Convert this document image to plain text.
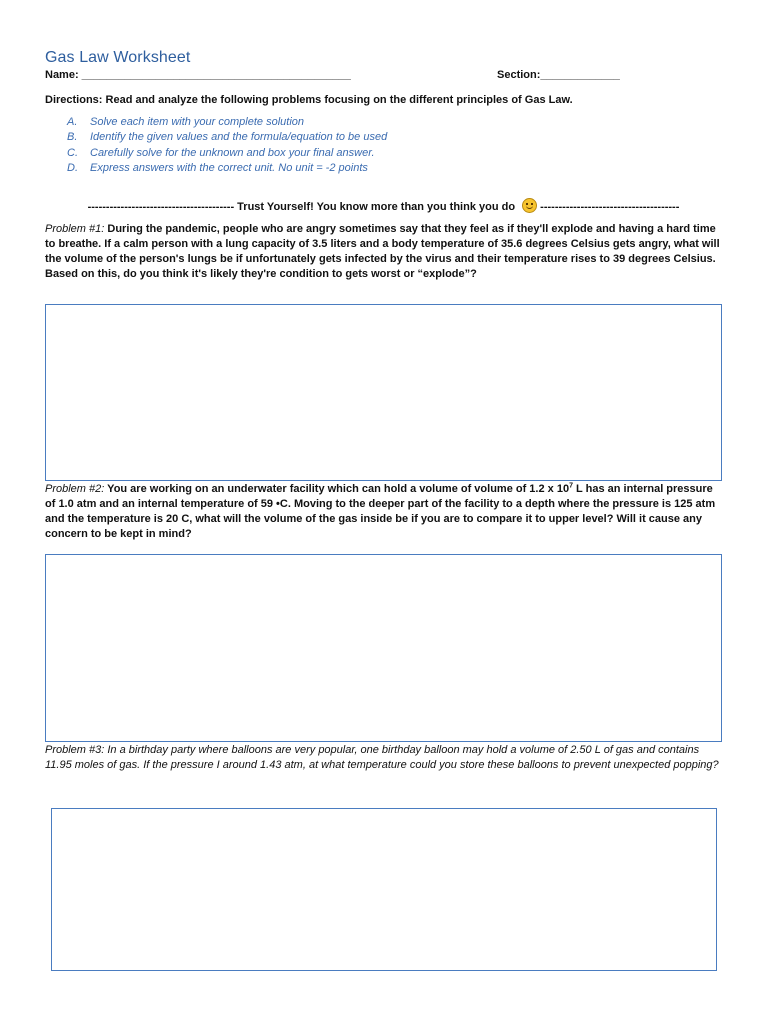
Gas Law Worksheet
Name: ____________________________________________	Section:_____________
Directions: Read and analyze the following problems focusing on the different principles of Gas Law.
A. Solve each item with your complete solution
B. Identify the given values and the formula/equation to be used
C. Carefully solve for the unknown and box your final answer.
D. Express answers with the correct unit. No unit = -2 points
---------------------------------------- Trust Yourself! You know more than you think you do  --------------------------------------

Problem #1: During the pandemic, people who are angry sometimes say that they feel as if they'll explode and having a hard time to breathe. If a calm person with a lung capacity of 3.5 liters and a body temperature of 35.6 degrees Celsius gets angry, what will the volume of the person's lungs be if unfortunately gets infected by the virus and their temperature rises to 39 degrees Celsius. Based on this, do you think it's likely they're condition to gets worst or “explode”?

Problem #2: You are working on an underwater facility which can hold a volume of volume of 1.2 x $10^7$ L has an internal pressure of 1.0 atm and an internal temperature of 59 •C. Moving to the deeper part of the facility to a depth where the pressure is 125 atm and the temperature is 20 C, what will the volume of the gas inside be if you are to compare it to upper level? Will it cause any concern to be kept in mind?

Problem #3: In a birthday party where balloons are very popular, one birthday balloon may hold a volume of 2.50 L of gas and contains 11.95 moles of gas. If the pressure I around 1.43 atm, at what temperature could you store these balloons to prevent unexpected popping?
